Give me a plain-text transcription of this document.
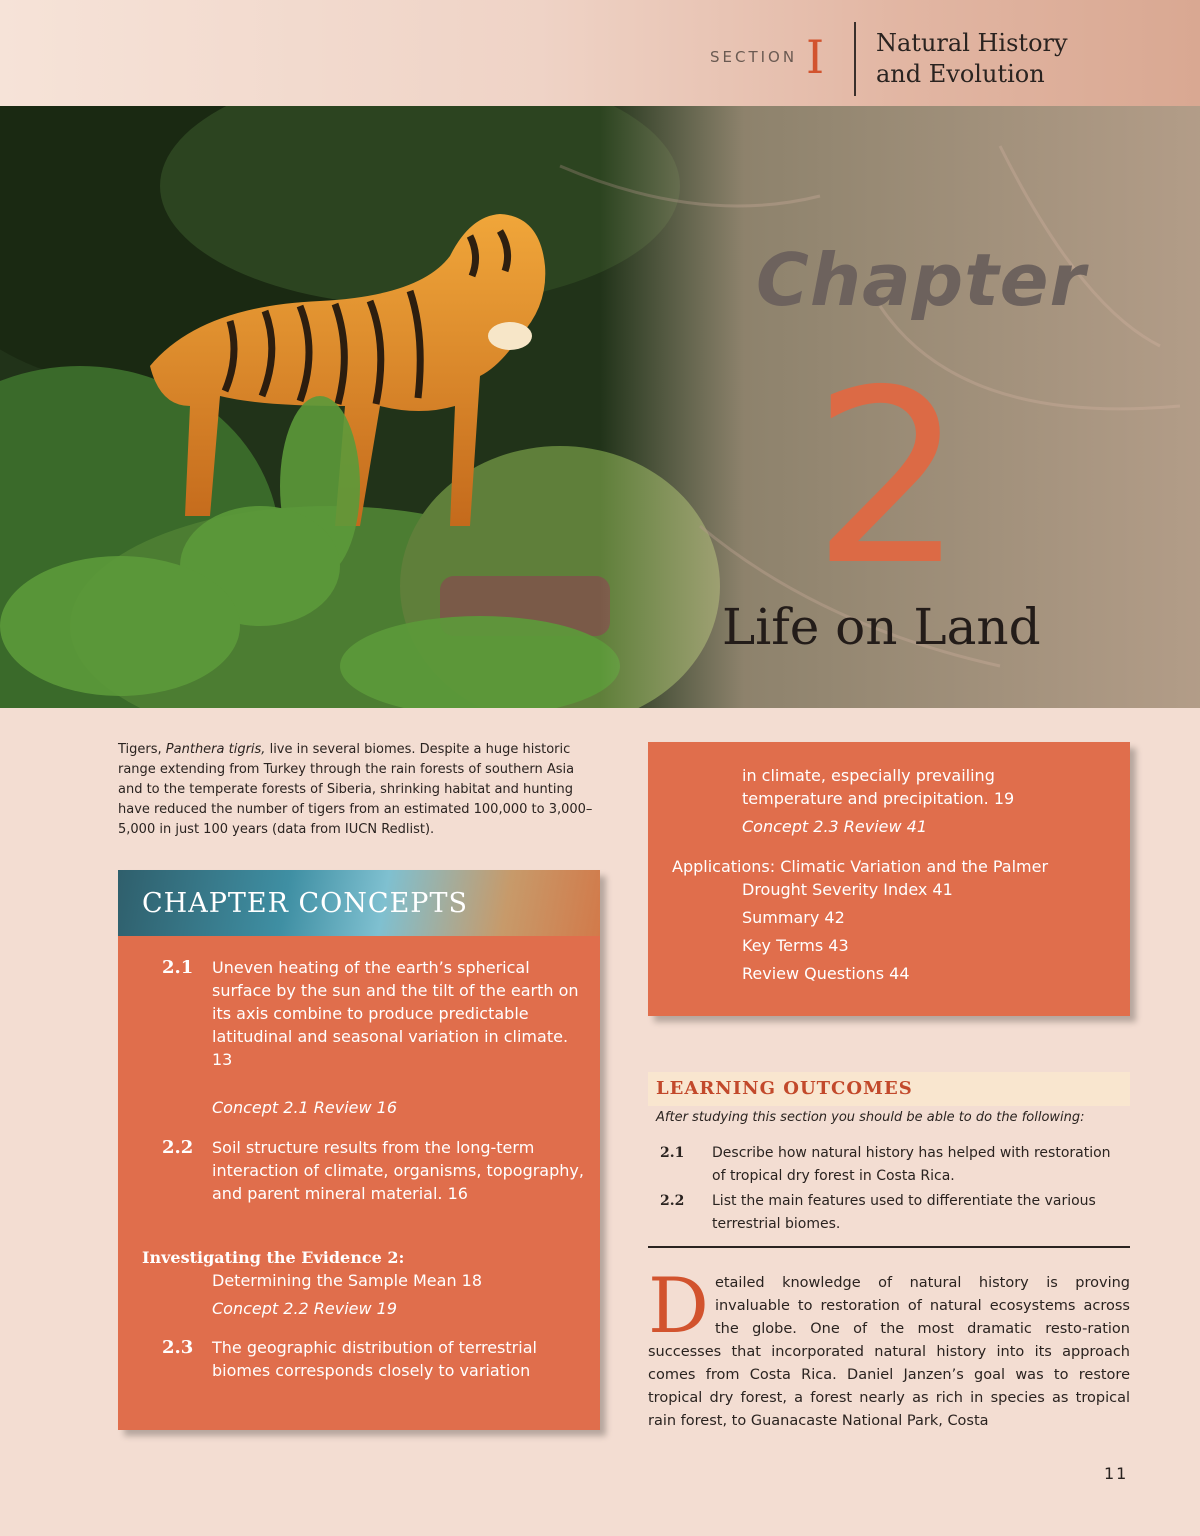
SECTION I Natural History
and Evolution
Chapter
2
Life on Land
Tigers, Panthera tigris, live in several biomes. Despite a huge historic range extending from Turkey through the rain forests of southern Asia and to the temperate forests of Siberia, shrinking habitat and hunting have reduced the number of tigers from an estimated 100,000 to 3,000–5,000 in just 100 years (data from IUCN Redlist).
CHAPTER CONCEPTS
2.1 Uneven heating of the earth’s spherical surface by the sun and the tilt of the earth on its axis combine to produce predictable latitudinal and seasonal variation in climate. 13
Concept 2.1 Review 16
2.2 Soil structure results from the long-term interaction of climate, organisms, topography, and parent mineral material. 16
Investigating the Evidence 2:
Determining the Sample Mean 18
Concept 2.2 Review 19
2.3 The geographic distribution of terrestrial biomes corresponds closely to variation
in climate, especially prevailing
temperature and precipitation. 19
Concept 2.3 Review 41
Applications: Climatic Variation and the Palmer
Drought Severity Index 41
Summary 42
Key Terms 43
Review Questions 44
LEARNING OUTCOMES
After studying this section you should be able to do the following:
2.1 Describe how natural history has helped with restoration of tropical dry forest in Costa Rica.
2.2 List the main features used to differentiate the various terrestrial biomes.
Detailed knowledge of natural history is proving invaluable to restoration of natural ecosystems across the globe. One of the most dramatic resto-ration successes that incorporated natural history into its approach comes from Costa Rica. Daniel Janzen’s goal was to restore tropical dry forest, a forest nearly as rich in species as tropical rain forest, to Guanacaste National Park, Costa
11
